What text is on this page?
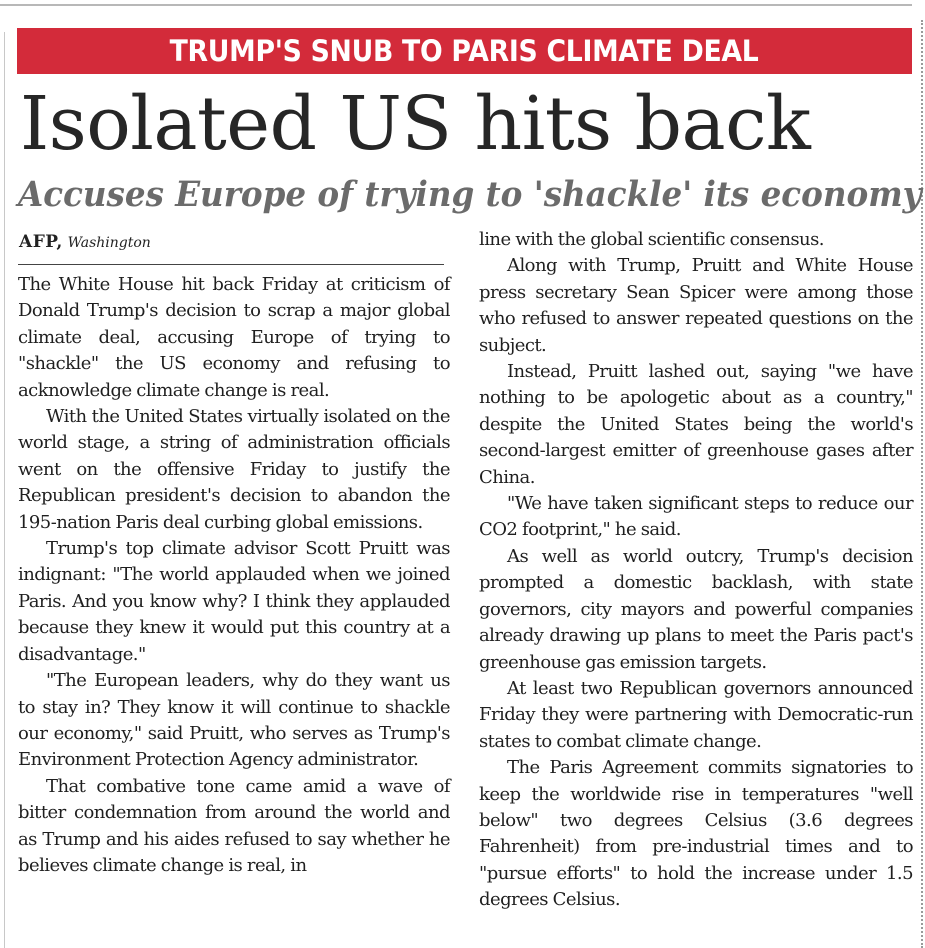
TRUMP'S SNUB TO PARIS CLIMATE DEAL
Isolated US hits back
Accuses Europe of trying to 'shackle' its economy
AFP, Washington

The White House hit back Friday at criticism of Donald Trump's decision to scrap a major global climate deal, accusing Europe of trying to "shackle" the US economy and refusing to acknowledge climate change is real.

With the United States virtually isolated on the world stage, a string of administration officials went on the offensive Friday to justify the Republican president's decision to abandon the 195-nation Paris deal curbing global emissions.

Trump's top climate advisor Scott Pruitt was indignant: "The world applauded when we joined Paris. And you know why? I think they applauded because they knew it would put this country at a disadvantage."

"The European leaders, why do they want us to stay in? They know it will continue to shackle our economy," said Pruitt, who serves as Trump's Environment Protection Agency administrator.

That combative tone came amid a wave of bitter condemnation from around the world and as Trump and his aides refused to say whether he believes climate change is real, in

line with the global scientific consensus.

Along with Trump, Pruitt and White House press secretary Sean Spicer were among those who refused to answer repeated questions on the subject.

Instead, Pruitt lashed out, saying "we have nothing to be apologetic about as a country," despite the United States being the world's second-largest emitter of greenhouse gases after China.

"We have taken significant steps to reduce our CO2 footprint," he said.

As well as world outcry, Trump's decision prompted a domestic backlash, with state governors, city mayors and powerful companies already drawing up plans to meet the Paris pact's greenhouse gas emission targets.

At least two Republican governors announced Friday they were partnering with Democratic-run states to combat climate change.

The Paris Agreement commits signatories to keep the worldwide rise in temperatures "well below" two degrees Celsius (3.6 degrees Fahrenheit) from pre-industrial times and to "pursue efforts" to hold the increase under 1.5 degrees Celsius.
